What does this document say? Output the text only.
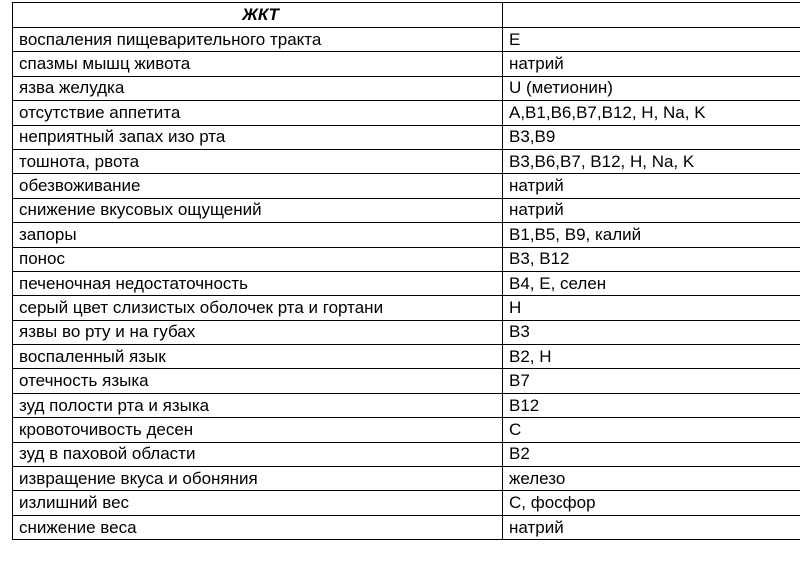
ЖКТ	
воспаления пищеварительного тракта	E
спазмы мышц живота	натрий
язва желудка	U (метионин)
отсутствие аппетита	A,B1,B6,B7,B12, H, Na, K
неприятный запах изо рта	B3,B9
тошнота, рвота	B3,B6,B7, B12, H, Na, K
обезвоживание	натрий
снижение вкусовых ощущений	натрий
запоры	B1,B5, B9, калий
понос	B3, B12
печеночная недостаточность	B4, E, селен
серый цвет слизистых оболочек рта и гортани	H
язвы во рту и на губах	B3
воспаленный язык	B2, H
отечность языка	B7
зуд полости рта и языка	B12
кровоточивость десен	C
зуд в паховой области	B2
извращение вкуса и обоняния	железо
излишний вес	С, фосфор
снижение веса	натрий
